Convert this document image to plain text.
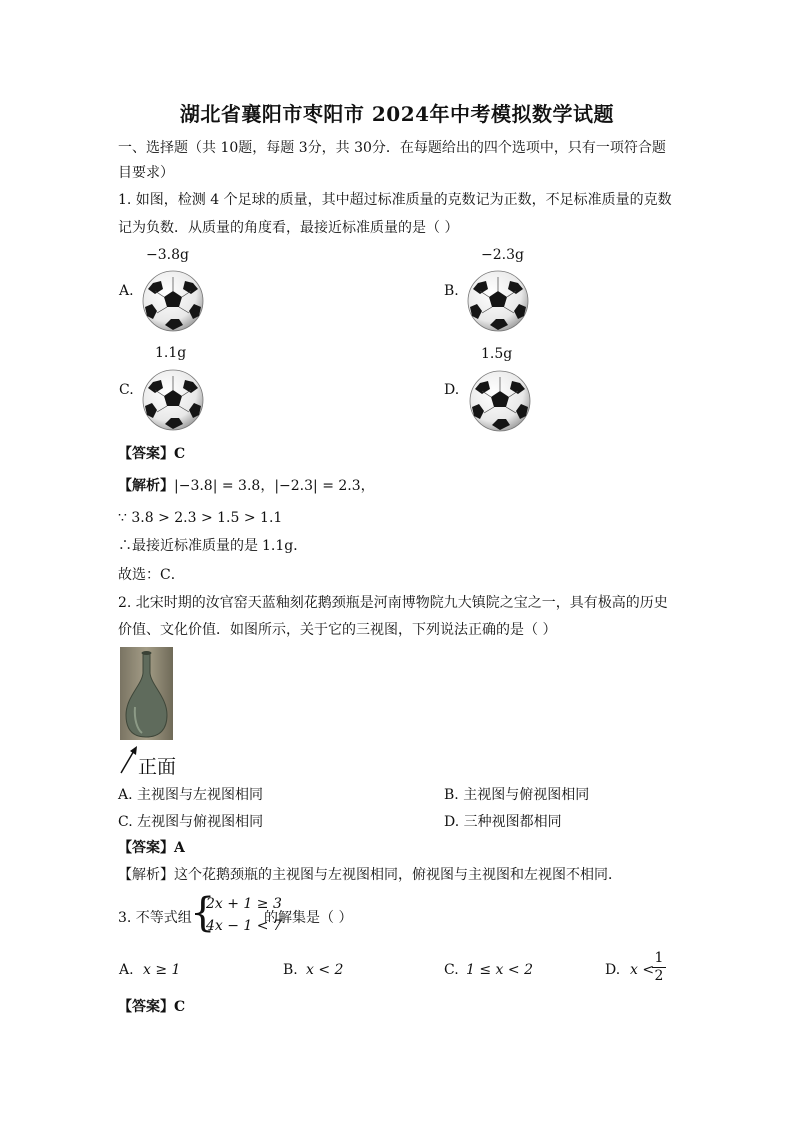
湖北省襄阳市枣阳市 2024年中考模拟数学试题
一、选择题（共 10题，每题 3分，共 30分．在每题给出的四个选项中，只有一项符合题
目要求）
1. 如图，检测 4 个足球的质量，其中超过标准质量的克数记为正数，不足标准质量的克数
记为负数．从质量的角度看，最接近标准质量的是（ ）
−3.8g
A.
−2.3g
B.
1.1g
C.
1.5g
D.
【答案】C
【解析】|−3.8| = 3.8，|−2.3| = 2.3，
∵ 3.8 > 2.3 > 1.5 > 1.1
∴最接近标准质量的是 1.1g．
故选：C．
2. 北宋时期的汝官窑天蓝釉刻花鹅颈瓶是河南博物院九大镇院之宝之一，具有极高的历史
价值、文化价值．如图所示，关于它的三视图，下列说法正确的是（ ）
正面
A. 主视图与左视图相同	B. 主视图与俯视图相同
C. 左视图与俯视图相同	D. 三种视图都相同
【答案】A
【解析】这个花鹅颈瓶的主视图与左视图相同，俯视图与主视图和左视图不相同．
3. 不等式组
{
2x + 1 ≥ 3
4x − 1 < 7
的解集是（ ）
A. x ≥ 1	B. x < 2	C. 1 ≤ x < 2	D. x <
$\frac{1}{2}$
【答案】C
